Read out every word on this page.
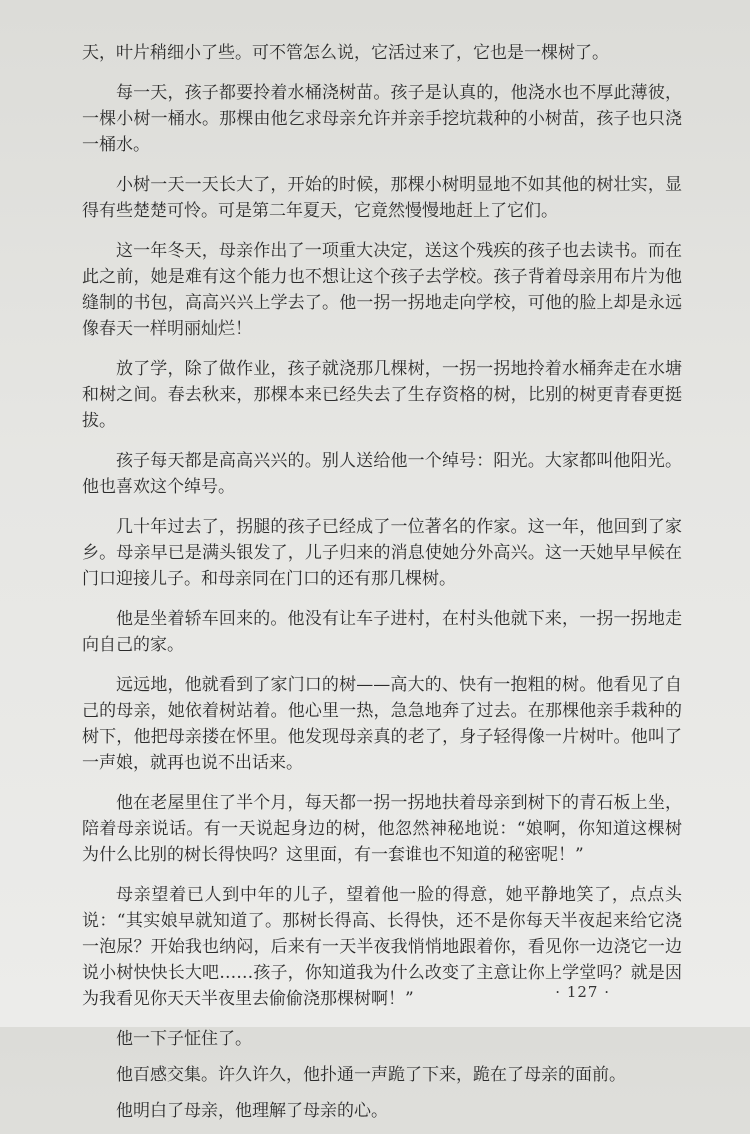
天，叶片稍细小了些。可不管怎么说，它活过来了，它也是一棵树了。

每一天，孩子都要拎着水桶浇树苗。孩子是认真的，他浇水也不厚此薄彼，一棵小树一桶水。那棵由他乞求母亲允许并亲手挖坑栽种的小树苗，孩子也只浇一桶水。

小树一天一天长大了，开始的时候，那棵小树明显地不如其他的树壮实，显得有些楚楚可怜。可是第二年夏天，它竟然慢慢地赶上了它们。

这一年冬天，母亲作出了一项重大决定，送这个残疾的孩子也去读书。而在此之前，她是难有这个能力也不想让这个孩子去学校。孩子背着母亲用布片为他缝制的书包，高高兴兴上学去了。他一拐一拐地走向学校，可他的脸上却是永远像春天一样明丽灿烂！

放了学，除了做作业，孩子就浇那几棵树，一拐一拐地拎着水桶奔走在水塘和树之间。春去秋来，那棵本来已经失去了生存资格的树，比别的树更青春更挺拔。

孩子每天都是高高兴兴的。别人送给他一个绰号：阳光。大家都叫他阳光。他也喜欢这个绰号。

几十年过去了，拐腿的孩子已经成了一位著名的作家。这一年，他回到了家乡。母亲早已是满头银发了，儿子归来的消息使她分外高兴。这一天她早早候在门口迎接儿子。和母亲同在门口的还有那几棵树。

他是坐着轿车回来的。他没有让车子进村，在村头他就下来，一拐一拐地走向自己的家。

远远地，他就看到了家门口的树——高大的、快有一抱粗的树。他看见了自己的母亲，她依着树站着。他心里一热，急急地奔了过去。在那棵他亲手栽种的树下，他把母亲搂在怀里。他发现母亲真的老了，身子轻得像一片树叶。他叫了一声娘，就再也说不出话来。

他在老屋里住了半个月，每天都一拐一拐地扶着母亲到树下的青石板上坐，陪着母亲说话。有一天说起身边的树，他忽然神秘地说：“娘啊，你知道这棵树为什么比别的树长得快吗？这里面，有一套谁也不知道的秘密呢！”

母亲望着已人到中年的儿子，望着他一脸的得意，她平静地笑了，点点头说：“其实娘早就知道了。那树长得高、长得快，还不是你每天半夜起来给它浇一泡尿？开始我也纳闷，后来有一天半夜我悄悄地跟着你，看见你一边浇它一边说小树快快长大吧……孩子，你知道我为什么改变了主意让你上学堂吗？就是因为我看见你天天半夜里去偷偷浇那棵树啊！”

他一下子怔住了。

他百感交集。许久许久，他扑通一声跪了下来，跪在了母亲的面前。

他明白了母亲，他理解了母亲的心。

· 127 ·
